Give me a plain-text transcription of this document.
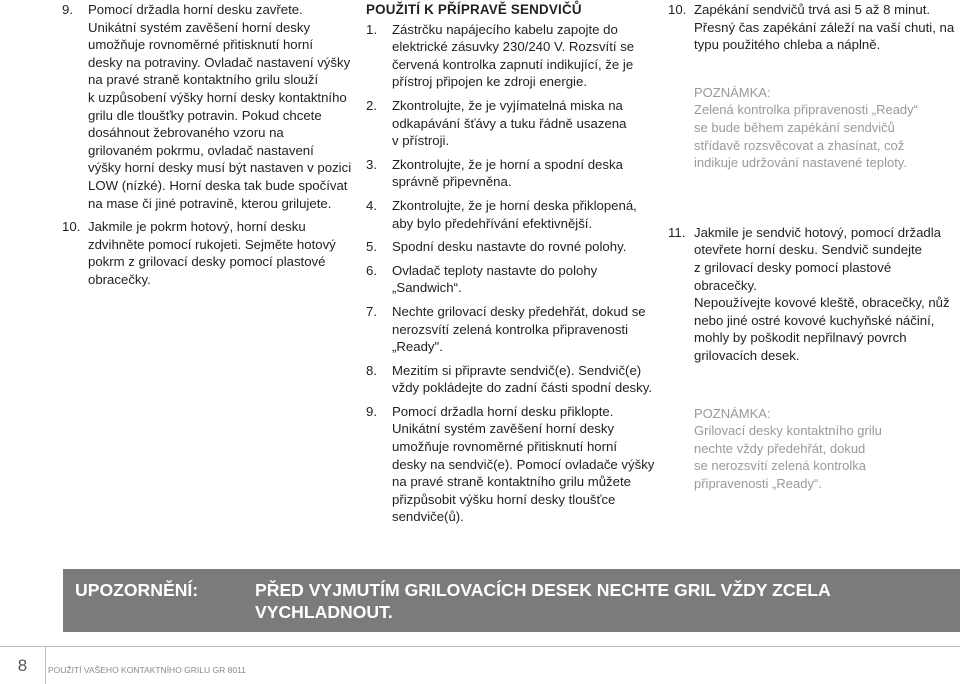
9.	Pomocí držadla horní desku zavřete.
Unikátní systém zavěšení horní desky
umožňuje rovnoměrné přitisknutí horní
desky na potraviny. Ovladač nastavení výšky
na pravé straně kontaktního grilu slouží
k uzpůsobení výšky horní desky kontaktního
grilu dle tloušťky potravin. Pokud chcete
dosáhnout žebrovaného vzoru na
grilovaném pokrmu, ovladač nastavení
výšky horní desky musí být nastaven v pozici
LOW (nízké). Horní deska tak bude spočívat
na mase či jiné potravině, kterou grilujete.
10. Jakmile je pokrm hotový, horní desku
zdvihněte pomocí rukojeti. Sejměte hotový
pokrm z grilovací desky pomocí plastové
obracečky.
POUŽITÍ K PŘÍPRAVĚ SENDVIČŮ
1.	Zástrčku napájecího kabelu zapojte do
elektrické zásuvky 230/240 V. Rozsvítí se
červená kontrolka zapnutí indikující, že je
přístroj připojen ke zdroji energie.
2.	Zkontrolujte, že je vyjímatelná miska na
odkapávání šťávy a tuku řádně usazena
v přístroji.
3.	Zkontrolujte, že je horní a spodní deska
správně připevněna.
4.	Zkontrolujte, že je horní deska přiklopená,
aby bylo předehřívání efektivnější.
5.	Spodní desku nastavte do rovné polohy.
6.	Ovladač teploty nastavte do polohy
„Sandwich“.
7.	Nechte grilovací desky předehřát, dokud se
nerozsvítí zelená kontrolka připravenosti
„Ready".
8.	Mezitím si připravte sendvič(e). Sendvič(e)
vždy pokládejte do zadní části spodní desky.
9.	Pomocí držadla horní desku přiklopte.
Unikátní systém zavěšení horní desky
umožňuje rovnoměrné přitisknutí horní
desky na sendvič(e). Pomocí ovladače výšky
na pravé straně kontaktního grilu můžete
přizpůsobit výšku horní desky tloušťce
sendviče(ů).
10. Zapékání sendvičů trvá asi 5 až 8 minut.
Přesný čas zapékání záleží na vaší chuti, na
typu použitého chleba a náplně.
POZNÁMKA:
Zelená kontrolka připravenosti „Ready“
se bude během zapékání sendvičů
střídavě rozsvěcovat a zhasínat, což
indikuje udržování nastavené teploty.
11. Jakmile je sendvič hotový, pomocí držadla
otevřete horní desku. Sendvič sundejte
z grilovací desky pomocí plastové obracečky.
Nepoužívejte kovové kleště, obracečky, nůž
nebo jiné ostré kovové kuchyňské náčiní,
mohly by poškodit nepřilnavý povrch
grilovacích desek.
POZNÁMKA:
Grilovací desky kontaktního grilu
nechte vždy předehřát, dokud
se nerozsvítí zelená kontrolka
připravenosti „Ready“.
UPOZORNĚNÍ:	PŘED VYJMUTÍM GRILOVACÍCH DESEK NECHTE GRIL VŽDY ZCELA
VYCHLADNOUT.
8	POUŽITÍ VAŠEHO KONTAKTNÍHO GRILU GR 8011
